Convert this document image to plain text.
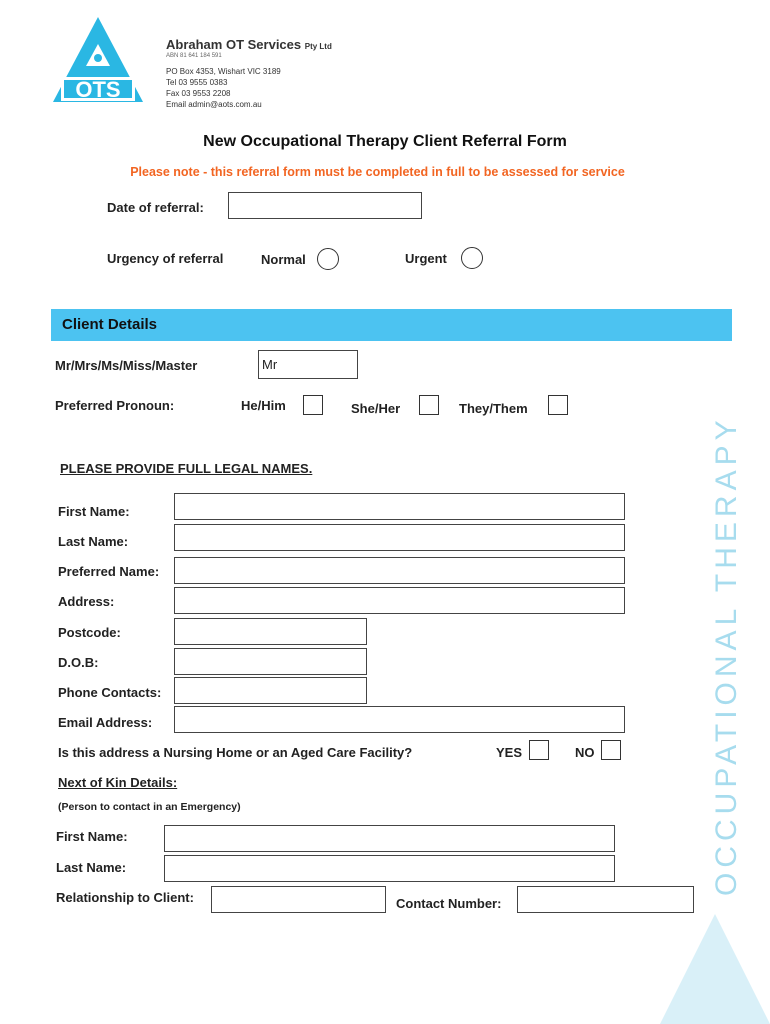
OTS
Abraham OT Services Pty Ltd
ABN 81 641 184 591
PO Box 4353, Wishart VIC 3189
Tel 03 9555 0383
Fax 03 9553 2208
Email admin@aots.com.au
New Occupational Therapy Client Referral Form
Please note - this referral form must be completed in full to be assessed for service
Date of referral:
Urgency of referral	Normal	Urgent
Client Details
Mr/Mrs/Ms/Miss/Master	Mr
Preferred Pronoun:	He/Him	She/Her	They/Them
PLEASE PROVIDE FULL LEGAL NAMES.
First Name:
Last Name:
Preferred Name:
Address:
Postcode:
D.O.B:
Phone Contacts:
Email Address:
Is this address a Nursing Home or an Aged Care Facility?	YES	NO
Next of Kin Details:
(Person to contact in an Emergency)
First Name:
Last Name:
Relationship to Client:	Contact Number:
OCCUPATIONAL THERAPY
